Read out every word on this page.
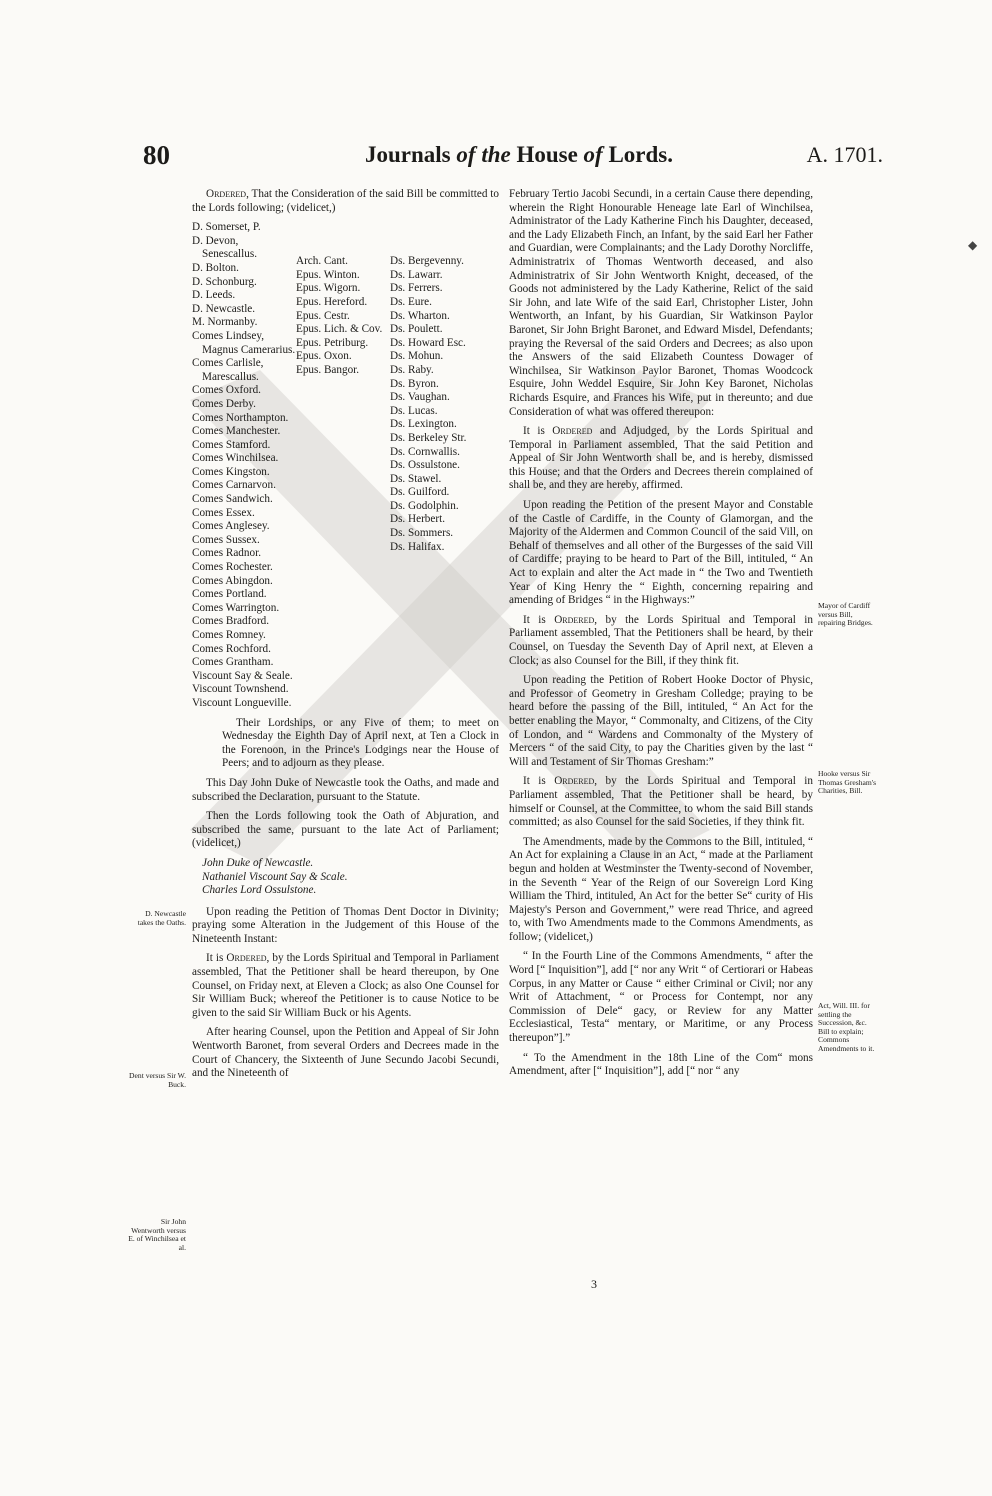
80	Journals of the House of Lords.	A. 1701.

Ordered, That the Consideration of the said Bill be committed to the Lords following; (videlicet,)

D. Somerset, P.
D. Devon, Senescallus.
D. Bolton.
D. Schonburg.
D. Leeds.
D. Newcastle.
M. Normanby.
Comes Lindsey, Magnus Camerarius.
Comes Carlisle, Marescallus.
Comes Oxford.
Comes Derby.
Comes Northampton.
Comes Manchester.
Comes Stamford.
Comes Winchilsea.
Comes Kingston.
Comes Carnarvon.
Comes Sandwich.
Comes Essex.
Comes Anglesey.
Comes Sussex.
Comes Radnor.
Comes Rochester.
Comes Abingdon.
Comes Portland.
Comes Warrington.
Comes Bradford.
Comes Romney.
Comes Rochford.
Comes Grantham.
Viscount Say & Seale.
Viscount Townshend.
Viscount Longueville.
Arch. Cant.
Epus. Winton.
Epus. Wigorn.
Epus. Hereford.
Epus. Cestr.
Epus. Lich. & Cov.
Epus. Petriburg.
Epus. Oxon.
Epus. Bangor.
Ds. Bergevenny.
Ds. Lawarr.
Ds. Ferrers.
Ds. Eure.
Ds. Wharton.
Ds. Poulett.
Ds. Howard Esc.
Ds. Mohun.
Ds. Raby.
Ds. Byron.
Ds. Vaughan.
Ds. Lucas.
Ds. Lexington.
Ds. Berkeley Str.
Ds. Cornwallis.
Ds. Ossulstone.
Ds. Stawel.
Ds. Guilford.
Ds. Godolphin.
Ds. Herbert.
Ds. Sommers.
Ds. Halifax.

Their Lordships, or any Five of them; to meet on Wednesday the Eighth Day of April next, at Ten a Clock in the Forenoon, in the Prince's Lodgings near the House of Peers; and to adjourn as they please.

This Day John Duke of Newcastle took the Oaths, and made and subscribed the Declaration, pursuant to the Statute.

Then the Lords following took the Oath of Abjuration, and subscribed the same, pursuant to the late Act of Parliament; (videlicet,)

John Duke of Newcastle.
Nathaniel Viscount Say & Scale.
Charles Lord Ossulstone.

Upon reading the Petition of Thomas Dent Doctor in Divinity; praying some Alteration in the Judgement of this House of the Nineteenth Instant:

It is Ordered, by the Lords Spiritual and Temporal in Parliament assembled, That the Petitioner shall be heard thereupon, by One Counsel, on Friday next, at Eleven a Clock; as also One Counsel for Sir William Buck; whereof the Petitioner is to cause Notice to be given to the said Sir William Buck or his Agents.

After hearing Counsel, upon the Petition and Appeal of Sir John Wentworth Baronet, from several Orders and Decrees made in the Court of Chancery, the Sixteenth of June Secundo Jacobi Secundi, and the Nineteenth of

February Tertio Jacobi Secundi, in a certain Cause there depending, wherein the Right Honourable Heneage late Earl of Winchilsea, Administrator of the Lady Katherine Finch his Daughter, deceased, and the Lady Elizabeth Finch, an Infant, by the said Earl her Father and Guardian, were Complainants; and the Lady Dorothy Norcliffe, Administratrix of Thomas Wentworth deceased, and also Administratrix of Sir John Wentworth Knight, deceased, of the Goods not administered by the Lady Katherine, Relict of the said Sir John, and late Wife of the said Earl, Christopher Lister, John Wentworth, an Infant, by his Guardian, Sir Watkinson Paylor Baronet, Sir John Bright Baronet, and Edward Misdel, Defendants; praying the Reversal of the said Orders and Decrees; as also upon the Answers of the said Elizabeth Countess Dowager of Winchilsea, Sir Watkinson Paylor Baronet, Thomas Woodcock Esquire, John Weddel Esquire, Sir John Key Baronet, Nicholas Richards Esquire, and Frances his Wife, put in thereunto; and due Consideration of what was offered thereupon:

It is Ordered and Adjudged, by the Lords Spiritual and Temporal in Parliament assembled, That the said Petition and Appeal of Sir John Wentworth shall be, and is hereby, dismissed this House; and that the Orders and Decrees therein complained of shall be, and they are hereby, affirmed.

Upon reading the Petition of the present Mayor and Constable of the Castle of Cardiffe, in the County of Glamorgan, and the Majority of the Aldermen and Common Council of the said Vill, on Behalf of themselves and all other of the Burgesses of the said Vill of Cardiffe; praying to be heard to Part of the Bill, intituled, “ An Act to explain and alter the Act made in “ the Two and Twentieth Year of King Henry the “ Eighth, concerning repairing and amending of Bridges “ in the Highways:”

It is Ordered, by the Lords Spiritual and Temporal in Parliament assembled, That the Petitioners shall be heard, by their Counsel, on Tuesday the Seventh Day of April next, at Eleven a Clock; as also Counsel for the Bill, if they think fit.

Upon reading the Petition of Robert Hooke Doctor of Physic, and Professor of Geometry in Gresham Colledge; praying to be heard before the passing of the Bill, intituled, “ An Act for the better enabling the Mayor, “ Commonalty, and Citizens, of the City of London, and “ Wardens and Commonalty of the Mystery of Mercers “ of the said City, to pay the Charities given by the last “ Will and Testament of Sir Thomas Gresham:”

It is Ordered, by the Lords Spiritual and Temporal in Parliament assembled, That the Petitioner shall be heard, by himself or Counsel, at the Committee, to whom the said Bill stands committed; as also Counsel for the said Societies, if they think fit.

The Amendments, made by the Commons to the Bill, intituled, “ An Act for explaining a Clause in an Act, “ made at the Parliament begun and holden at Westminster the Twenty-second of November, in the Seventh “ Year of the Reign of our Sovereign Lord King William the Third, intituled, An Act for the better Se“ curity of His Majesty's Person and Government,” were read Thrice, and agreed to, with Two Amendments made to the Commons Amendments, as follow; (videlicet,)

“ In the Fourth Line of the Commons Amendments, “ after the Word [“ Inquisition”], add [“ nor any Writ “ of Certiorari or Habeas Corpus, in any Matter or Cause “ either Criminal or Civil; nor any Writ of Attachment, “ or Process for Contempt, nor any Commission of Dele“ gacy, or Review for any Matter Ecclesiastical, Testa“ mentary, or Maritime, or any Process thereupon”].”

“ To the Amendment in the 18th Line of the Com“ mons Amendment, after [“ Inquisition”], add [“ nor “ any

D. Newcastle takes the Oaths.
Dent versus Sir W. Buck.
Sir John Wentworth versus E. of Winchilsea et al.
Mayor of Cardiff versus Bill, repairing Bridges.
Hooke versus Sir Thomas Gresham's Charities, Bill.
Act, Will. III. for settling the Succession, &c. Bill to explain; Commons Amendments to it.
3
◆
